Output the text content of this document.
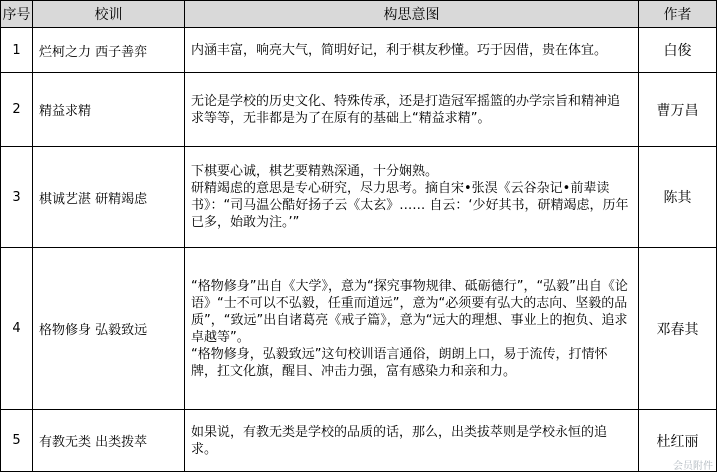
序号	校训	构思意图	作者
1	烂柯之力 西子善弈	内涵丰富，响亮大气，简明好记，利于棋友秒懂。巧于因借，贵在体宜。	白俊
2	精益求精	无论是学校的历史文化、特殊传承，还是打造冠军摇篮的办学宗旨和精神追求等等，无非都是为了在原有的基础上“精益求精”。	曹万昌
3	棋诚艺湛 研精竭虑	下棋要心诚，棋艺要精熟深通，十分娴熟。
研精竭虑的意思是专心研究，尽力思考。摘自宋•张淏《云谷杂记•前辈读书》：“司马温公酷好扬子云《太玄》…… 自云：‘少好其书，研精竭虑，历年已多，始敢为注。’”	陈其
4	格物修身 弘毅致远	“格物修身”出自《大学》，意为“探究事物规律、砥砺德行”，“弘毅”出自《论语》“士不可以不弘毅，任重而道远”，意为“必须要有弘大的志向、坚毅的品质”，“致远”出自诸葛亮《戒子篇》，意为“远大的理想、事业上的抱负、追求卓越等”。
“格物修身，弘毅致远”这句校训语言通俗，朗朗上口，易于流传，打情怀牌，扛文化旗，醒目、冲击力强，富有感染力和亲和力。	邓春其
5	有教无类 出类拨萃	如果说，有教无类是学校的品质的话，那么，出类拔萃则是学校永恒的追求。	杜红丽
会员附件
